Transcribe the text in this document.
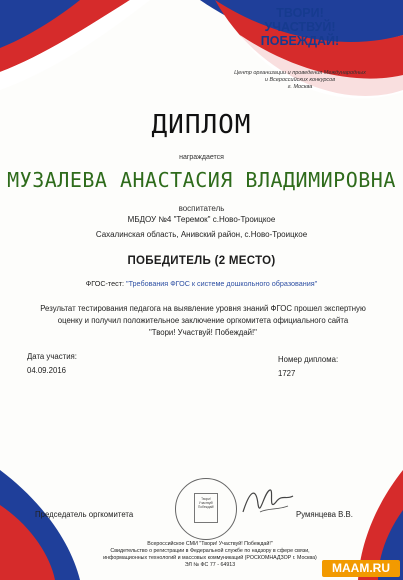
ТВОРИ!
УЧАСТВУЙ!
ПОБЕЖДАЙ!
Центр организации и проведения Международных
и Всероссийских конкурсов
г. Москва
ДИПЛОМ
награждается
МУЗАЛЕВА АНАСТАСИЯ ВЛАДИМИРОВНА
воспитатель
МБДОУ №4 "Теремок" с.Ново-Троицкое
Сахалинская область, Анивский район, с.Ново-Троицкое
ПОБЕДИТЕЛЬ (2 МЕСТО)
ФГОС-тест: "Требования ФГОС к системе дошкольного образования"
Результат тестирования педагога на выявление уровня знаний ФГОС прошел экспертную
оценку и получил положительное заключение оргкомитета официального сайта
"Твори! Участвуй! Побеждай!"
Дата участия:
04.09.2016
Номер диплома:
1727
Председатель оргкомитета	Румянцева В.В.
Твори!
Участвуй!
Побеждай!
Всероссийское СМИ "Твори! Участвуй! Побеждай!"
Свидетельство о регистрации в Федеральной службе по надзору в сфере связи,
информационных технологий и массовых коммуникаций (РОСКОМНАДЗОР г. Москва)
ЭЛ № ФС 77 - 64913	MAAM.RU
